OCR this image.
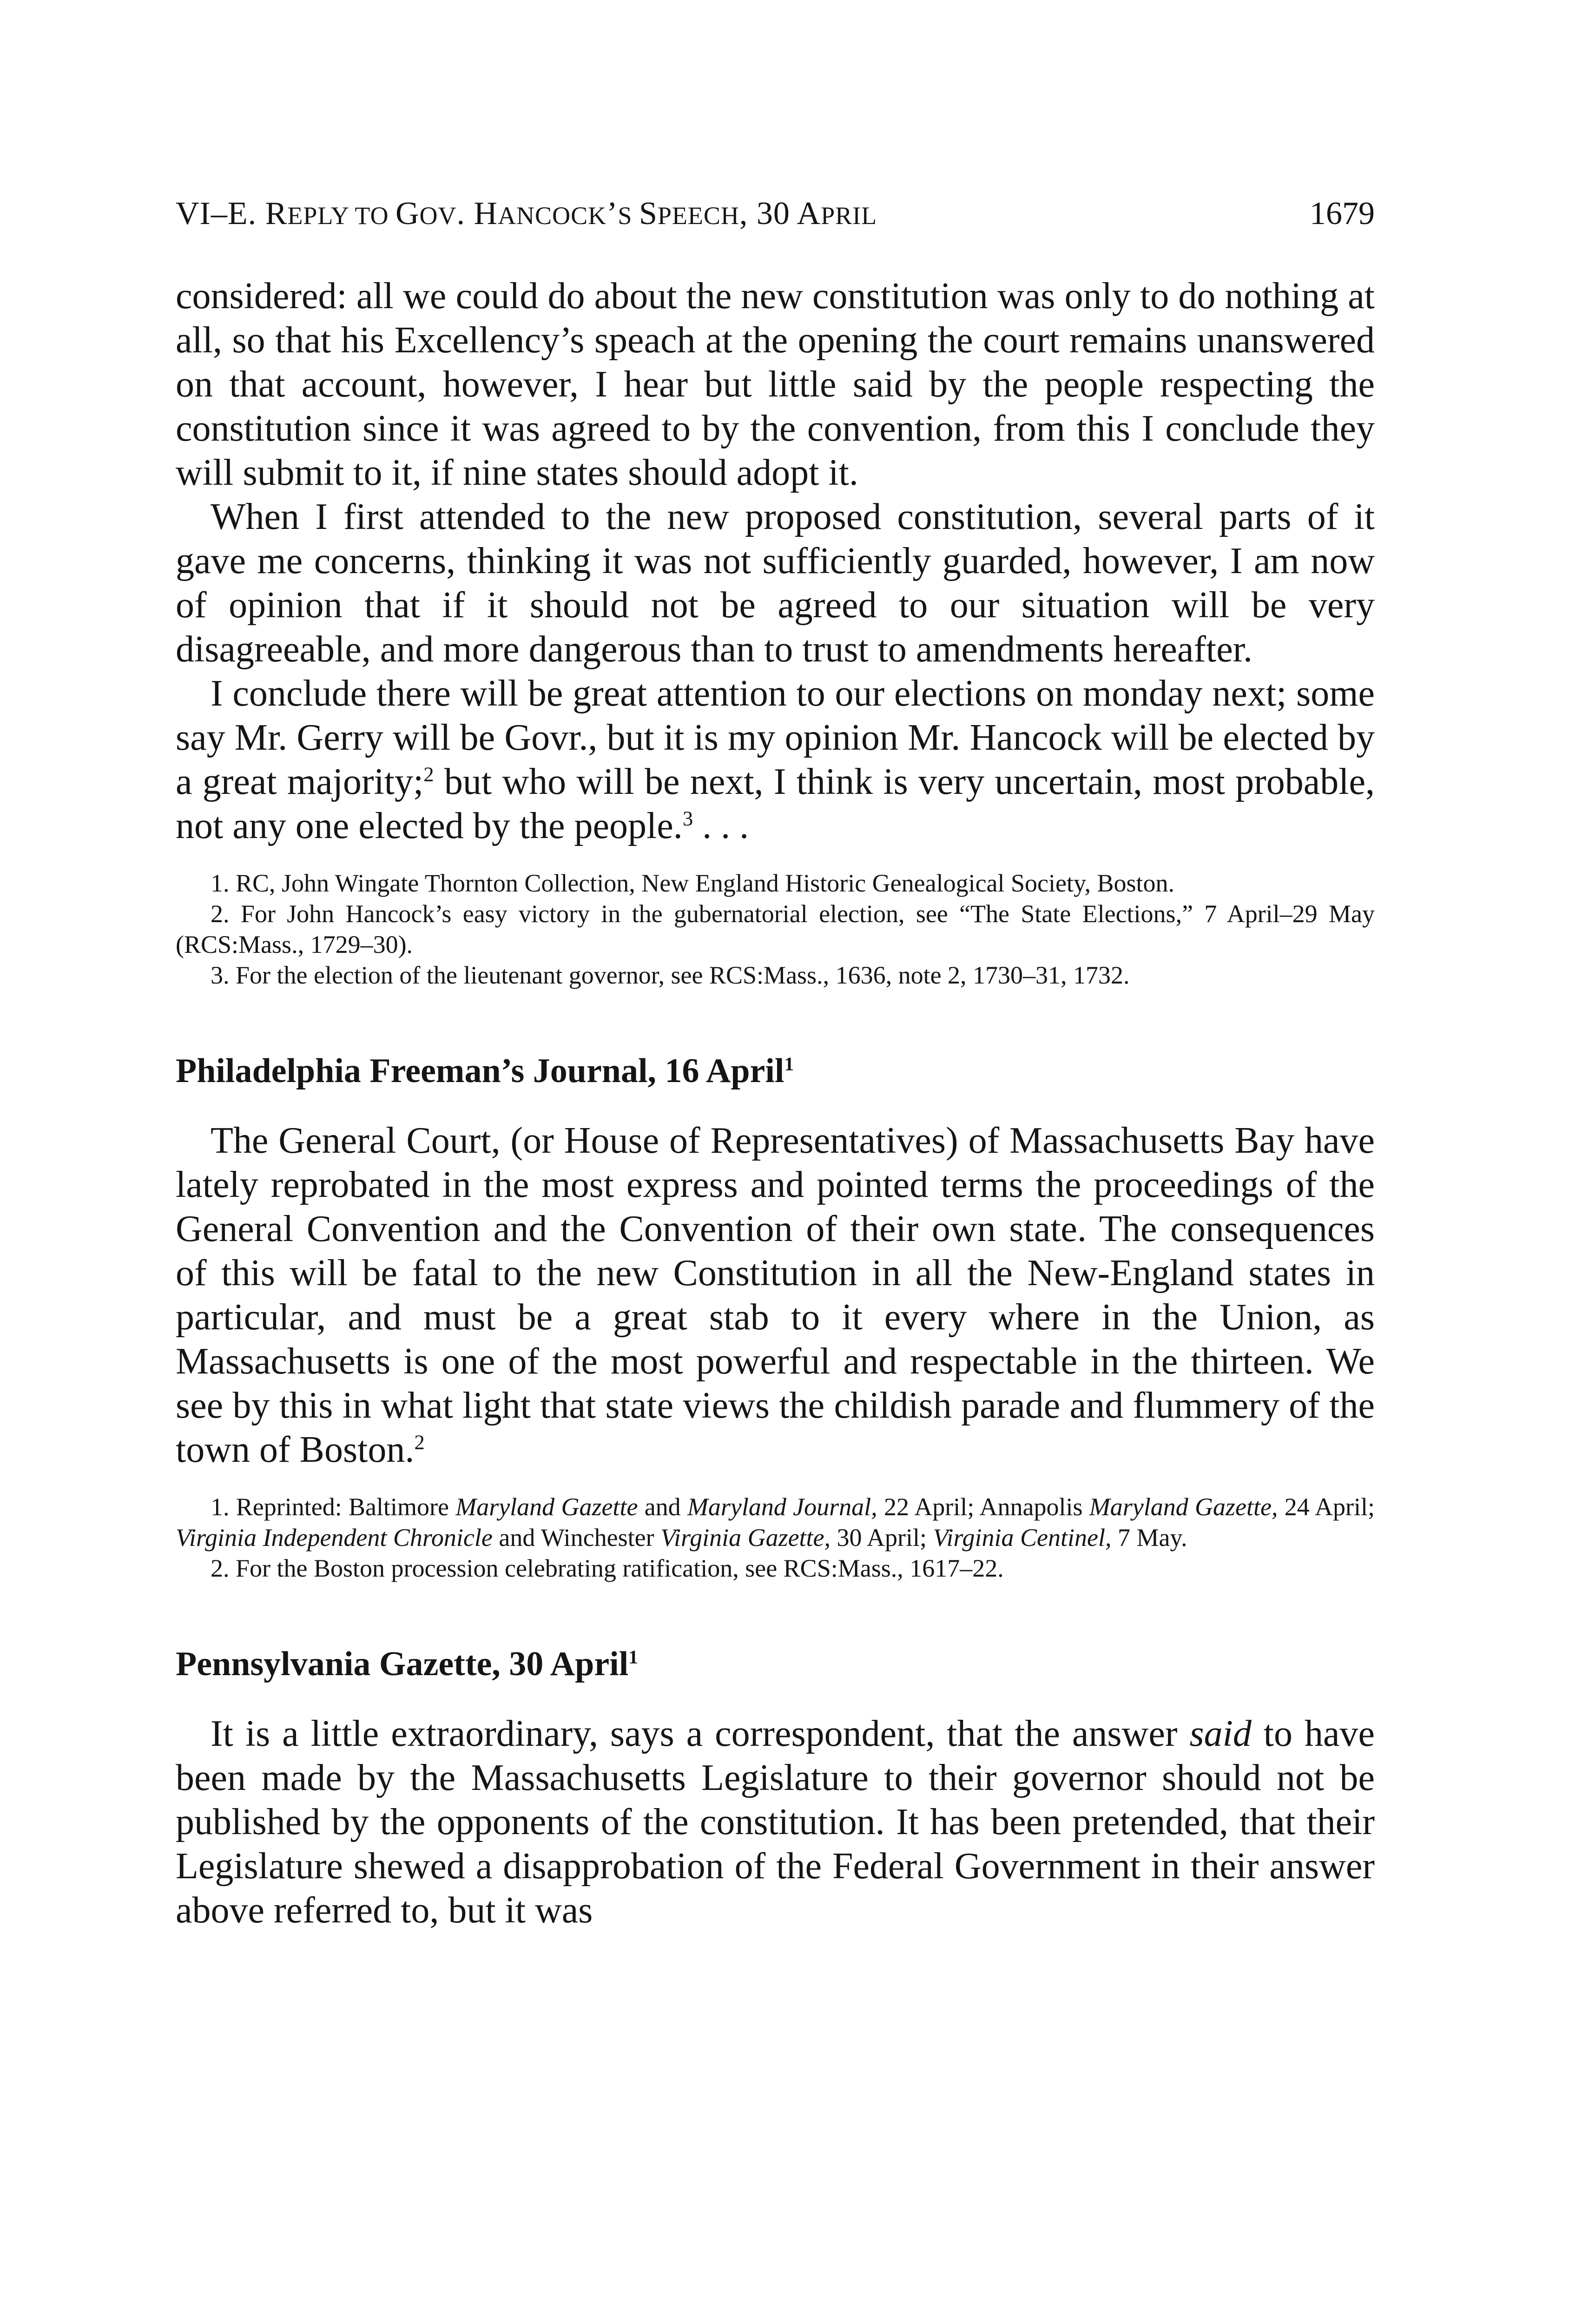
VI–E. REPLY TO GOV. HANCOCK’S SPEECH, 30 APRIL	1679

considered: all we could do about the new constitution was only to do nothing at all, so that his Excellency’s speach at the opening the court remains unanswered on that account, however, I hear but little said by the people respecting the constitution since it was agreed to by the convention, from this I conclude they will submit to it, if nine states should adopt it.

When I first attended to the new proposed constitution, several parts of it gave me concerns, thinking it was not sufficiently guarded, however, I am now of opinion that if it should not be agreed to our situation will be very disagreeable, and more dangerous than to trust to amendments hereafter.

I conclude there will be great attention to our elections on monday next; some say Mr. Gerry will be Govr., but it is my opinion Mr. Hancock will be elected by a great majority;$^2$ but who will be next, I think is very uncertain, most probable, not any one elected by the people.$^3$ . . .

1. RC, John Wingate Thornton Collection, New England Historic Genealogical Society, Boston.

2. For John Hancock’s easy victory in the gubernatorial election, see “The State Elections,” 7 April–29 May (RCS:Mass., 1729–30).

3. For the election of the lieutenant governor, see RCS:Mass., 1636, note 2, 1730–31, 1732.

Philadelphia Freeman’s Journal, 16 April$^1$

The General Court, (or House of Representatives) of Massachusetts Bay have lately reprobated in the most express and pointed terms the proceedings of the General Convention and the Convention of their own state. The consequences of this will be fatal to the new Constitution in all the New-England states in particular, and must be a great stab to it every where in the Union, as Massachusetts is one of the most powerful and respectable in the thirteen. We see by this in what light that state views the childish parade and flummery of the town of Boston.$^2$

1. Reprinted: Baltimore Maryland Gazette and Maryland Journal, 22 April; Annapolis Maryland Gazette, 24 April; Virginia Independent Chronicle and Winchester Virginia Gazette, 30 April; Virginia Centinel, 7 May.

2. For the Boston procession celebrating ratification, see RCS:Mass., 1617–22.

Pennsylvania Gazette, 30 April$^1$

It is a little extraordinary, says a correspondent, that the answer said to have been made by the Massachusetts Legislature to their governor should not be published by the opponents of the constitution. It has been pretended, that their Legislature shewed a disapprobation of the Federal Government in their answer above referred to, but it was
